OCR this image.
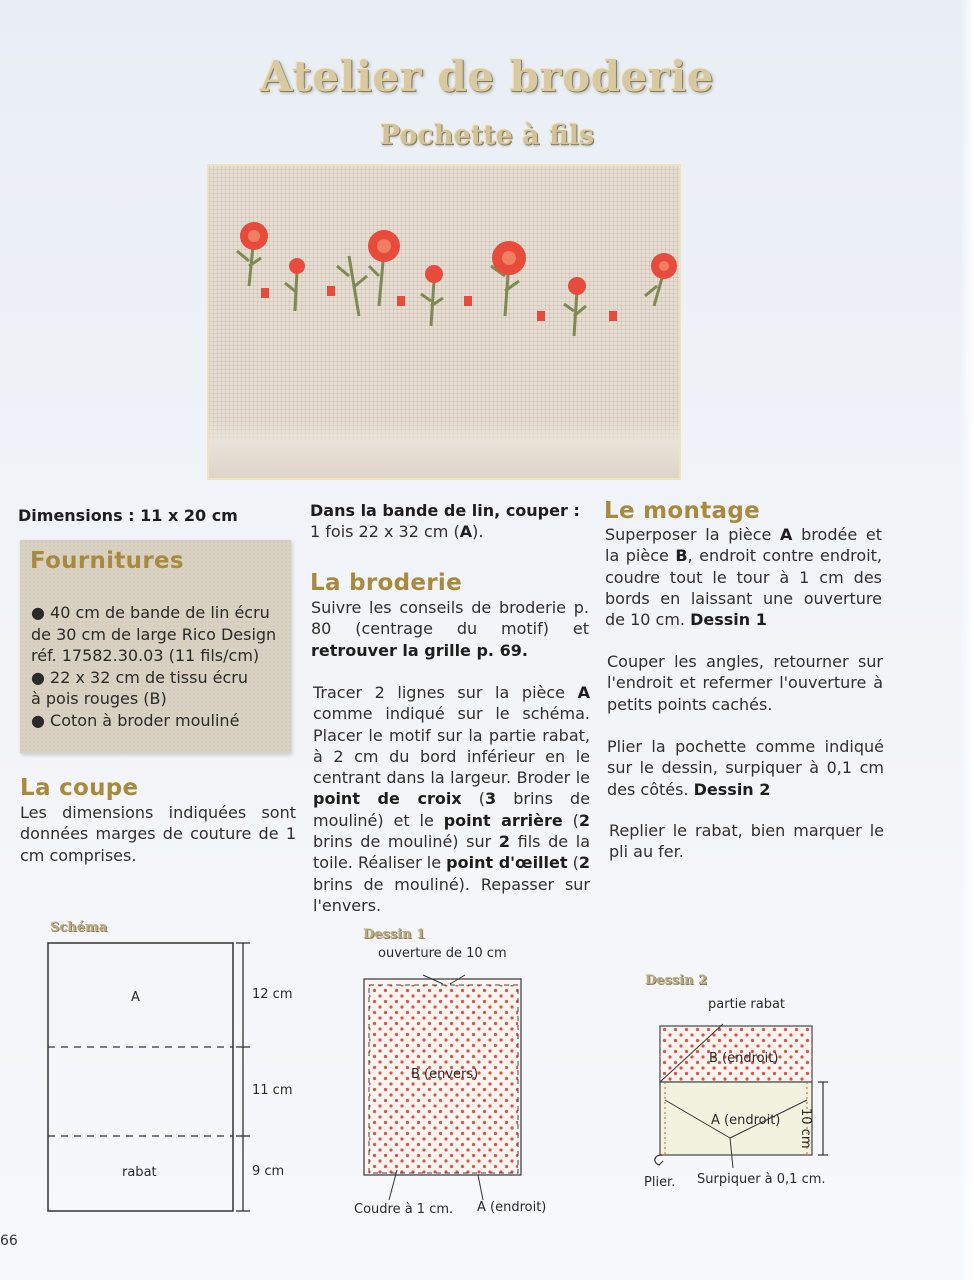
Atelier de broderie
Pochette à fils
Dimensions : 11 x 20 cm
Fournitures
● 40 cm de bande de lin écru
de 30 cm de large Rico Design
réf. 17582.30.03 (11 fils/cm)
● 22 x 32 cm de tissu écru
à pois rouges (B)
● Coton à broder mouliné
La coupe
Les dimensions indiquées sont données marges de couture de 1 cm comprises.
Dans la bande de lin, couper :
1 fois 22 x 32 cm (A).
La broderie
Suivre les conseils de broderie p. 80 (centrage du motif) et retrouver la grille p. 69.
Tracer 2 lignes sur la pièce A comme indiqué sur le schéma. Placer le motif sur la partie rabat, à 2 cm du bord inférieur en le centrant dans la largeur. Broder le point de croix (3 brins de mouliné) et le point arrière (2 brins de mouliné) sur 2 fils de la toile. Réaliser le point d'œillet (2 brins de mouliné). Repasser sur l'envers.
Le montage
Superposer la pièce A brodée et la pièce B, endroit contre endroit, coudre tout le tour à 1 cm des bords en laissant une ouverture de 10 cm. Dessin 1
Couper les angles, retourner sur l'endroit et refermer l'ouverture à petits points cachés.
Plier la pochette comme indiqué sur le dessin, surpiquer à 0,1 cm des côtés. Dessin 2
Replier le rabat, bien marquer le pli au fer.
Schéma
A
rabat
12 cm
11 cm
9 cm
Dessin 1
ouverture de 10 cm
B (envers)
Coudre à 1 cm. A (endroit)
Dessin 2
partie rabat
B (endroit)
A (endroit) 10 cm
Plier. Surpiquer à 0,1 cm.
66
